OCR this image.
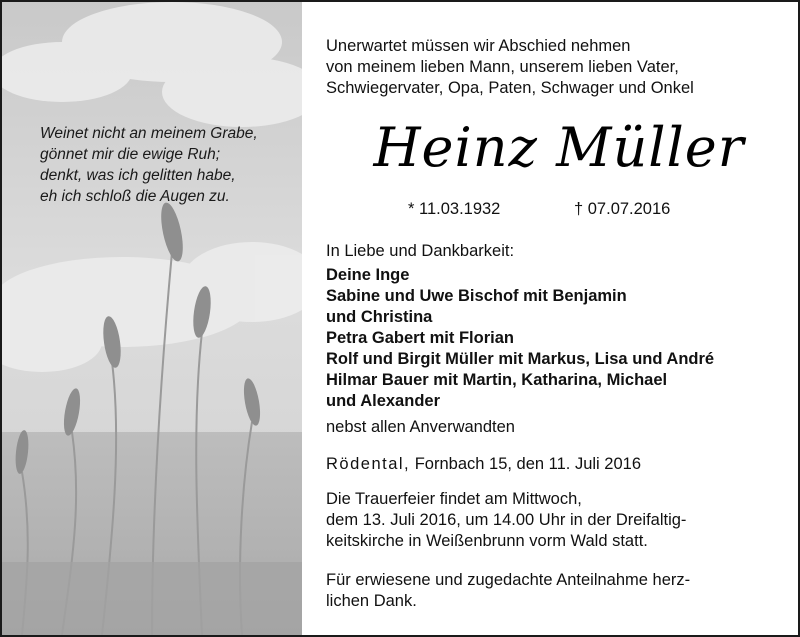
Weinet nicht an meinem Grabe,
gönnet mir die ewige Ruh;
denkt, was ich gelitten habe,
eh ich schloß die Augen zu.
Unerwartet müssen wir Abschied nehmen
von meinem lieben Mann, unserem lieben Vater,
Schwiegervater, Opa, Paten, Schwager und Onkel
Heinz Müller
* 11.03.1932	† 07.07.2016
In Liebe und Dankbarkeit:
Deine Inge
Sabine und Uwe Bischof mit Benjamin
und Christina
Petra Gabert mit Florian
Rolf und Birgit Müller mit Markus, Lisa und André
Hilmar Bauer mit Martin, Katharina, Michael
und Alexander
nebst allen Anverwandten
Rödental, Fornbach 15, den 11. Juli 2016
Die Trauerfeier findet am Mittwoch,
dem 13. Juli 2016, um 14.00 Uhr in der Dreifaltig-
keitskirche in Weißenbrunn vorm Wald statt.
Für erwiesene und zugedachte Anteilnahme herz-
lichen Dank.
